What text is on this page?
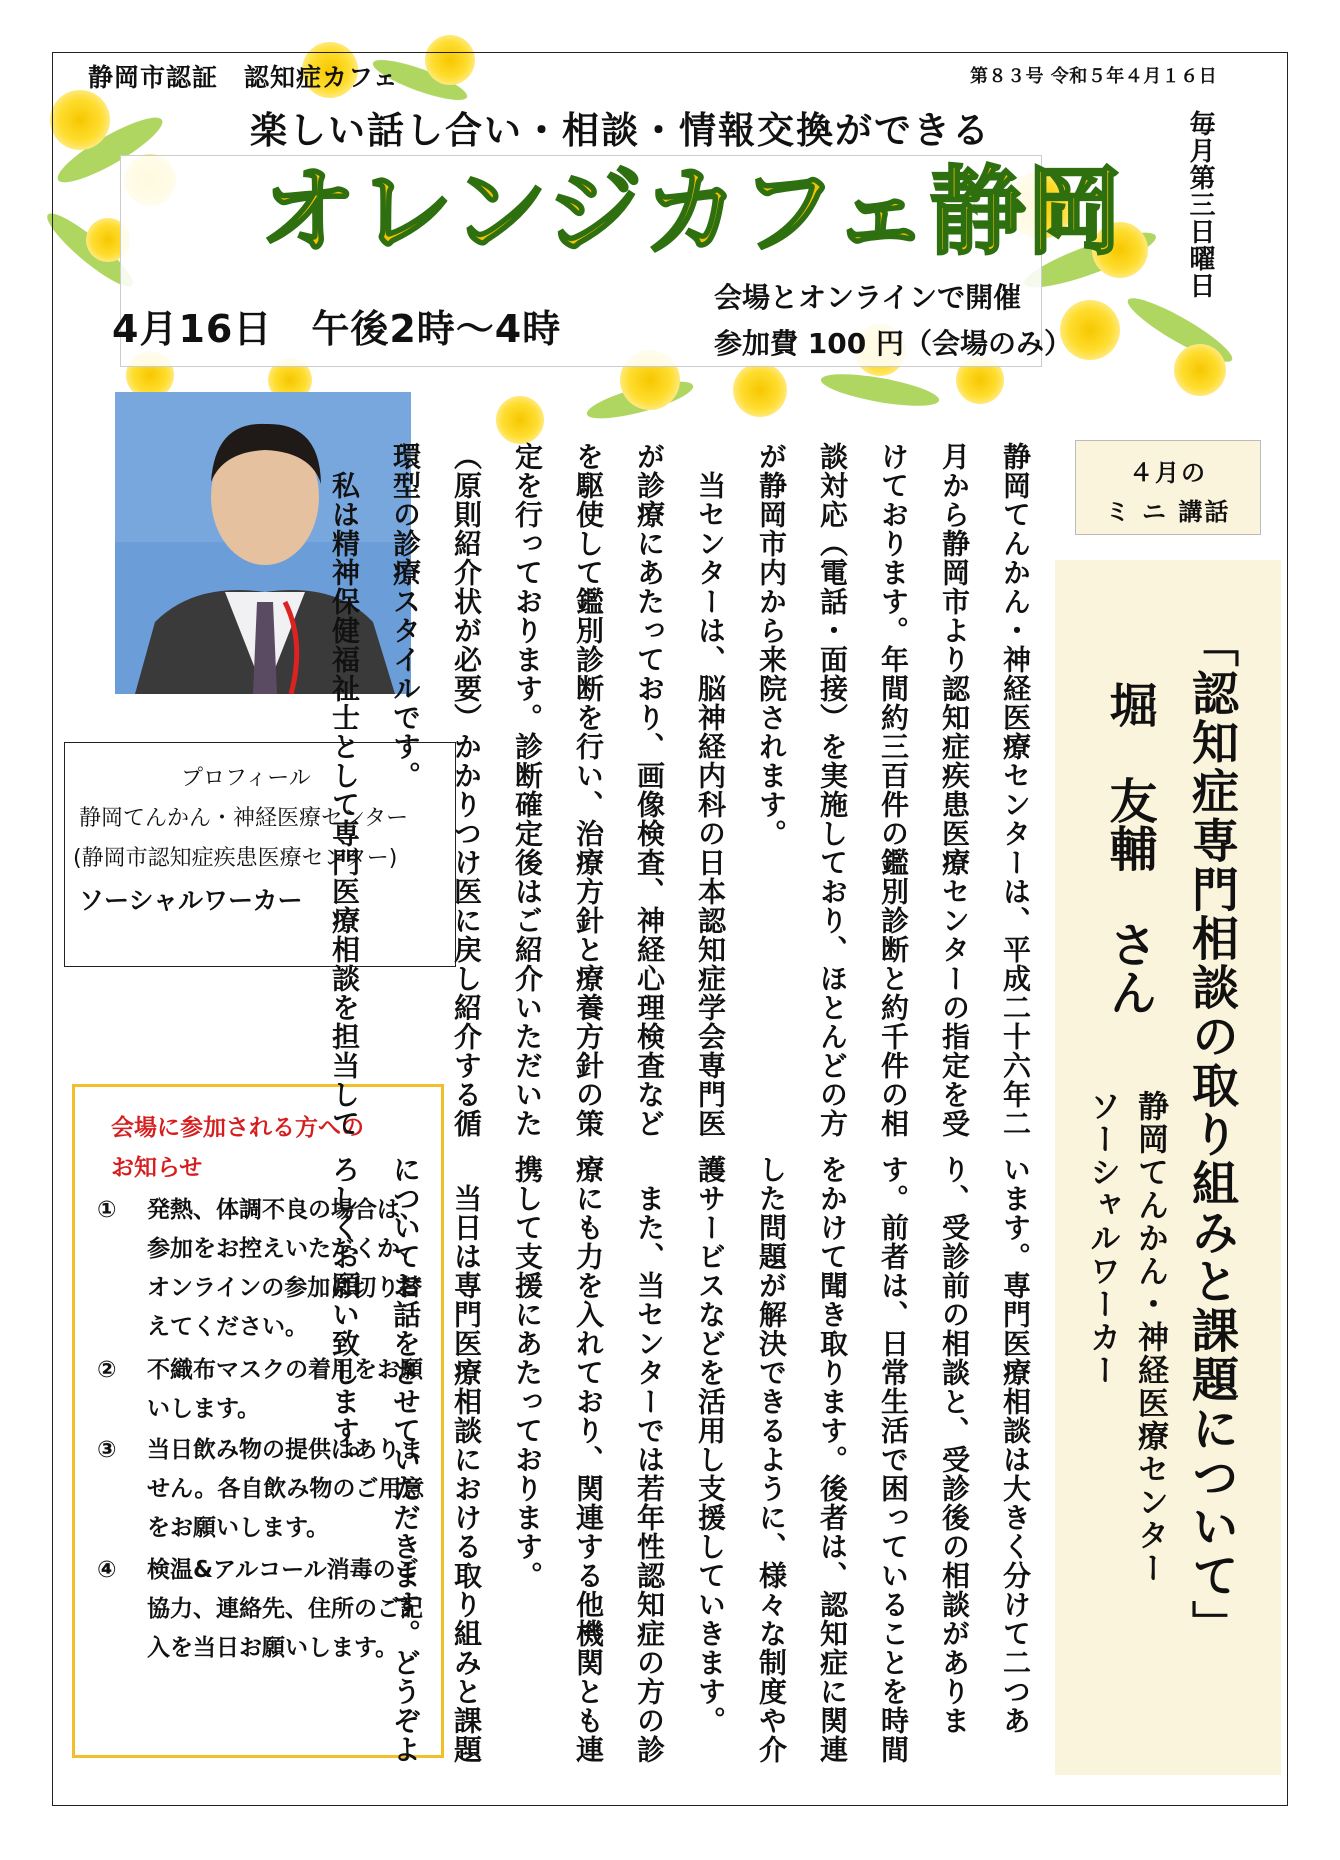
静岡市認証　認知症カフェ	第８３号 令和５年４月１６日
楽しい話し合い・相談・情報交換ができる
オレンジカフェ静岡 毎月第三日曜日
4月16日　午後2時～4時
会場とオンラインで開催
参加費 100 円（会場のみ）
プロフィール
静岡てんかん・神経医療センター
(静岡市認知症疾患医療センター)
ソーシャルワーカー
会場に参加される方への
お知らせ
① 発熱、体調不良の場合は、参加をお控えいただくか、オンラインの参加に切り替えてください。
② 不織布マスクの着用をお願いします。
③ 当日飲み物の提供はありません。各自飲み物のご用意をお願いします。
④ 検温&アルコール消毒のご協力、連絡先、住所のご記入を当日お願いします。
静岡てんかん・神経医療センターは、平成二十六年二月から静岡市より認知症疾患医療センターの指定を受けております。年間約三百件の鑑別診断と約千件の相談対応（電話・面接）を実施しており、ほとんどの方が静岡市内から来院されます。
　当センターは、脳神経内科の日本認知症学会専門医が診療にあたっており、画像検査、神経心理検査などを駆使して鑑別診断を行い、治療方針と療養方針の策定を行っております。診断確定後はご紹介いただいた（原則紹介状が必要）かかりつけ医に戻し紹介する循環型の診療スタイルです。
　私は精神保健福祉士として専門医療相談を担当して
います。専門医療相談は大きく分けて二つあり、受診前の相談と、受診後の相談があります。前者は、日常生活で困っていることを時間をかけて聞き取ります。後者は、認知症に関連した問題が解決できるように、様々な制度や介護サービスなどを活用し支援していきます。
　また、当センターでは若年性認知症の方の診療にも力を入れており、関連する他機関とも連携して支援にあたっております。
　当日は専門医療相談における取り組みと課題についてお話をさせていただきます。どうぞよろしくお願い致します。
４月の
ミ ニ 講話
「認知症専門相談の取り組みと課題について」
堀　友輔　さん
静岡てんかん・神経医療センター
ソーシャルワーカー
